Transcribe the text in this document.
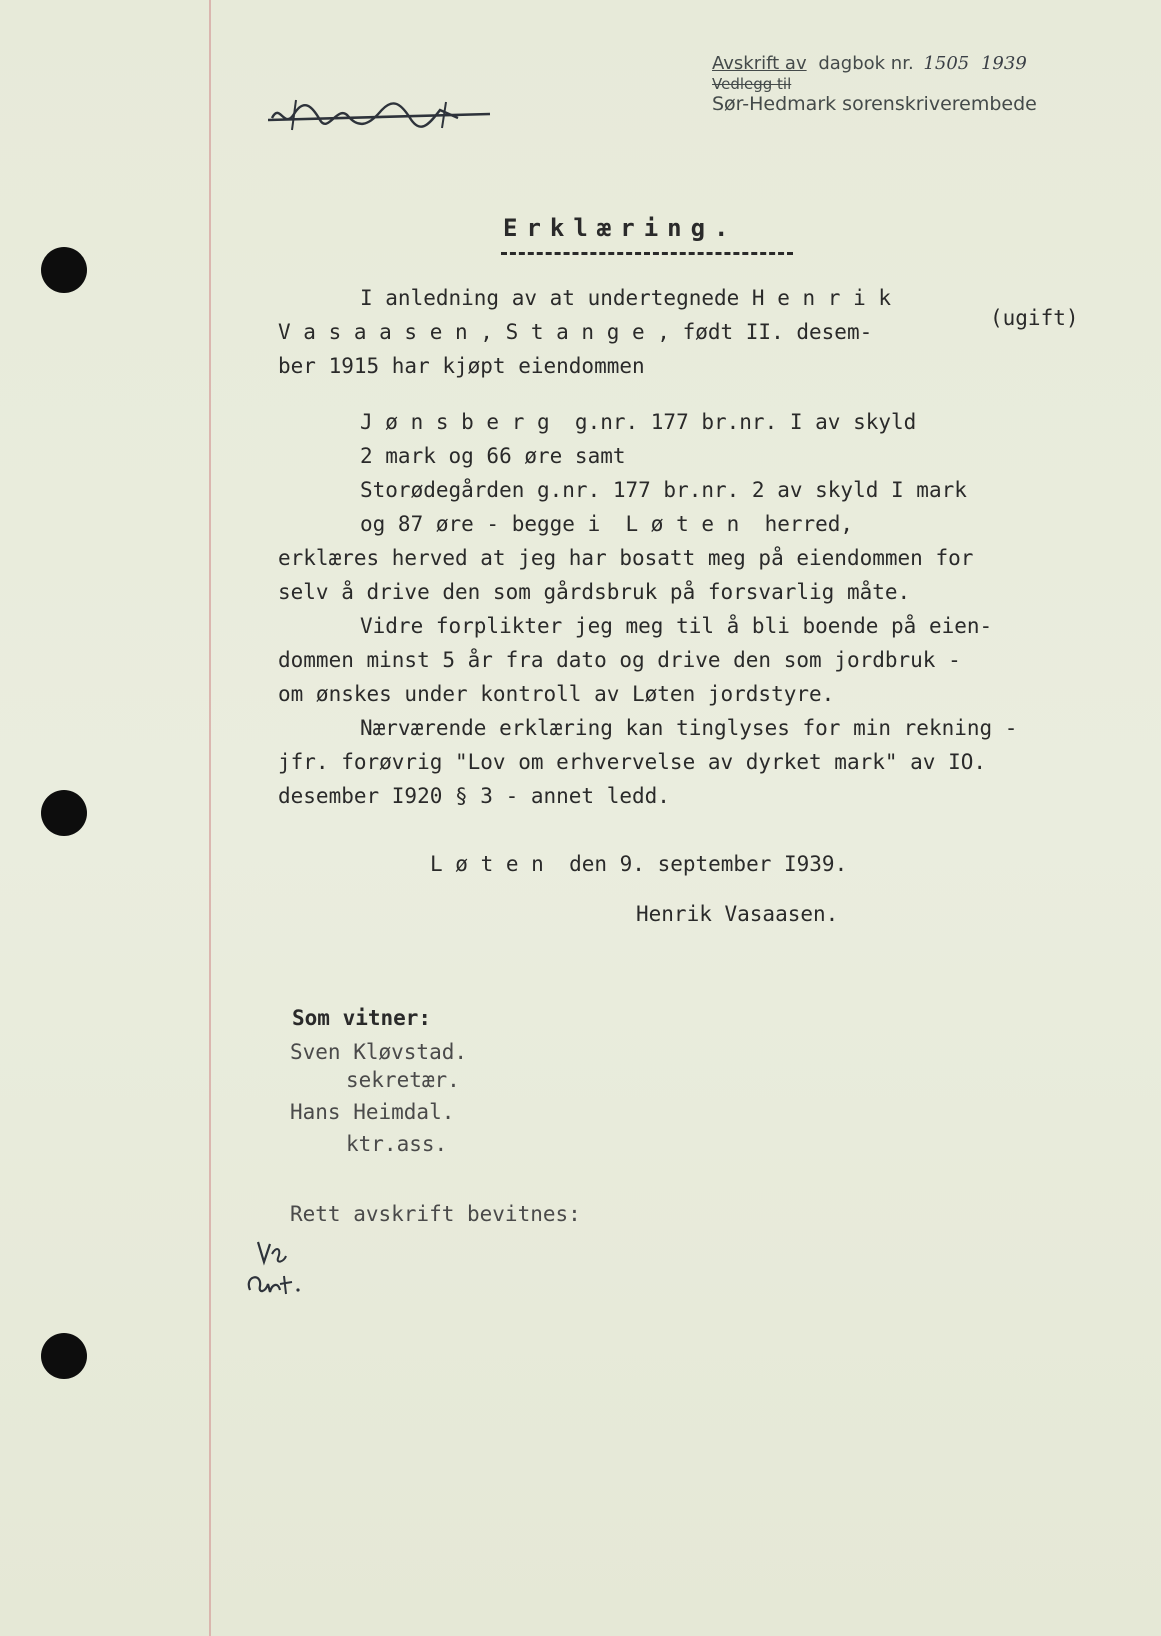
Avskrift av dagbok nr. 1505 1939
Vedlegg til
Sør-Hedmark sorenskriverembede
Erklæring.
(ugift)
I anledning av at undertegnede H e n r i k
V a s a a s e n , S t a n g e , født II. desem-
ber 1915 har kjøpt eiendommen
J ø n s b e r g  g.nr. 177 br.nr. I av skyld
2 mark og 66 øre samt
Storødegården g.nr. 177 br.nr. 2 av skyld I mark
og 87 øre - begge i  L ø t e n  herred,
erklæres herved at jeg har bosatt meg på eiendommen for
selv å drive den som gårdsbruk på forsvarlig måte.
Vidre forplikter jeg meg til å bli boende på eien-
dommen minst 5 år fra dato og drive den som jordbruk -
om ønskes under kontroll av Løten jordstyre.
Nærværende erklæring kan tinglyses for min rekning -
jfr. forøvrig "Lov om erhvervelse av dyrket mark" av IO.
desember I920 § 3 - annet ledd.
L ø t e n  den 9. september I939.
Henrik Vasaasen.
Som vitner:
Sven Kløvstad.
sekretær.
Hans Heimdal.
ktr.ass.
Rett avskrift bevitnes:
